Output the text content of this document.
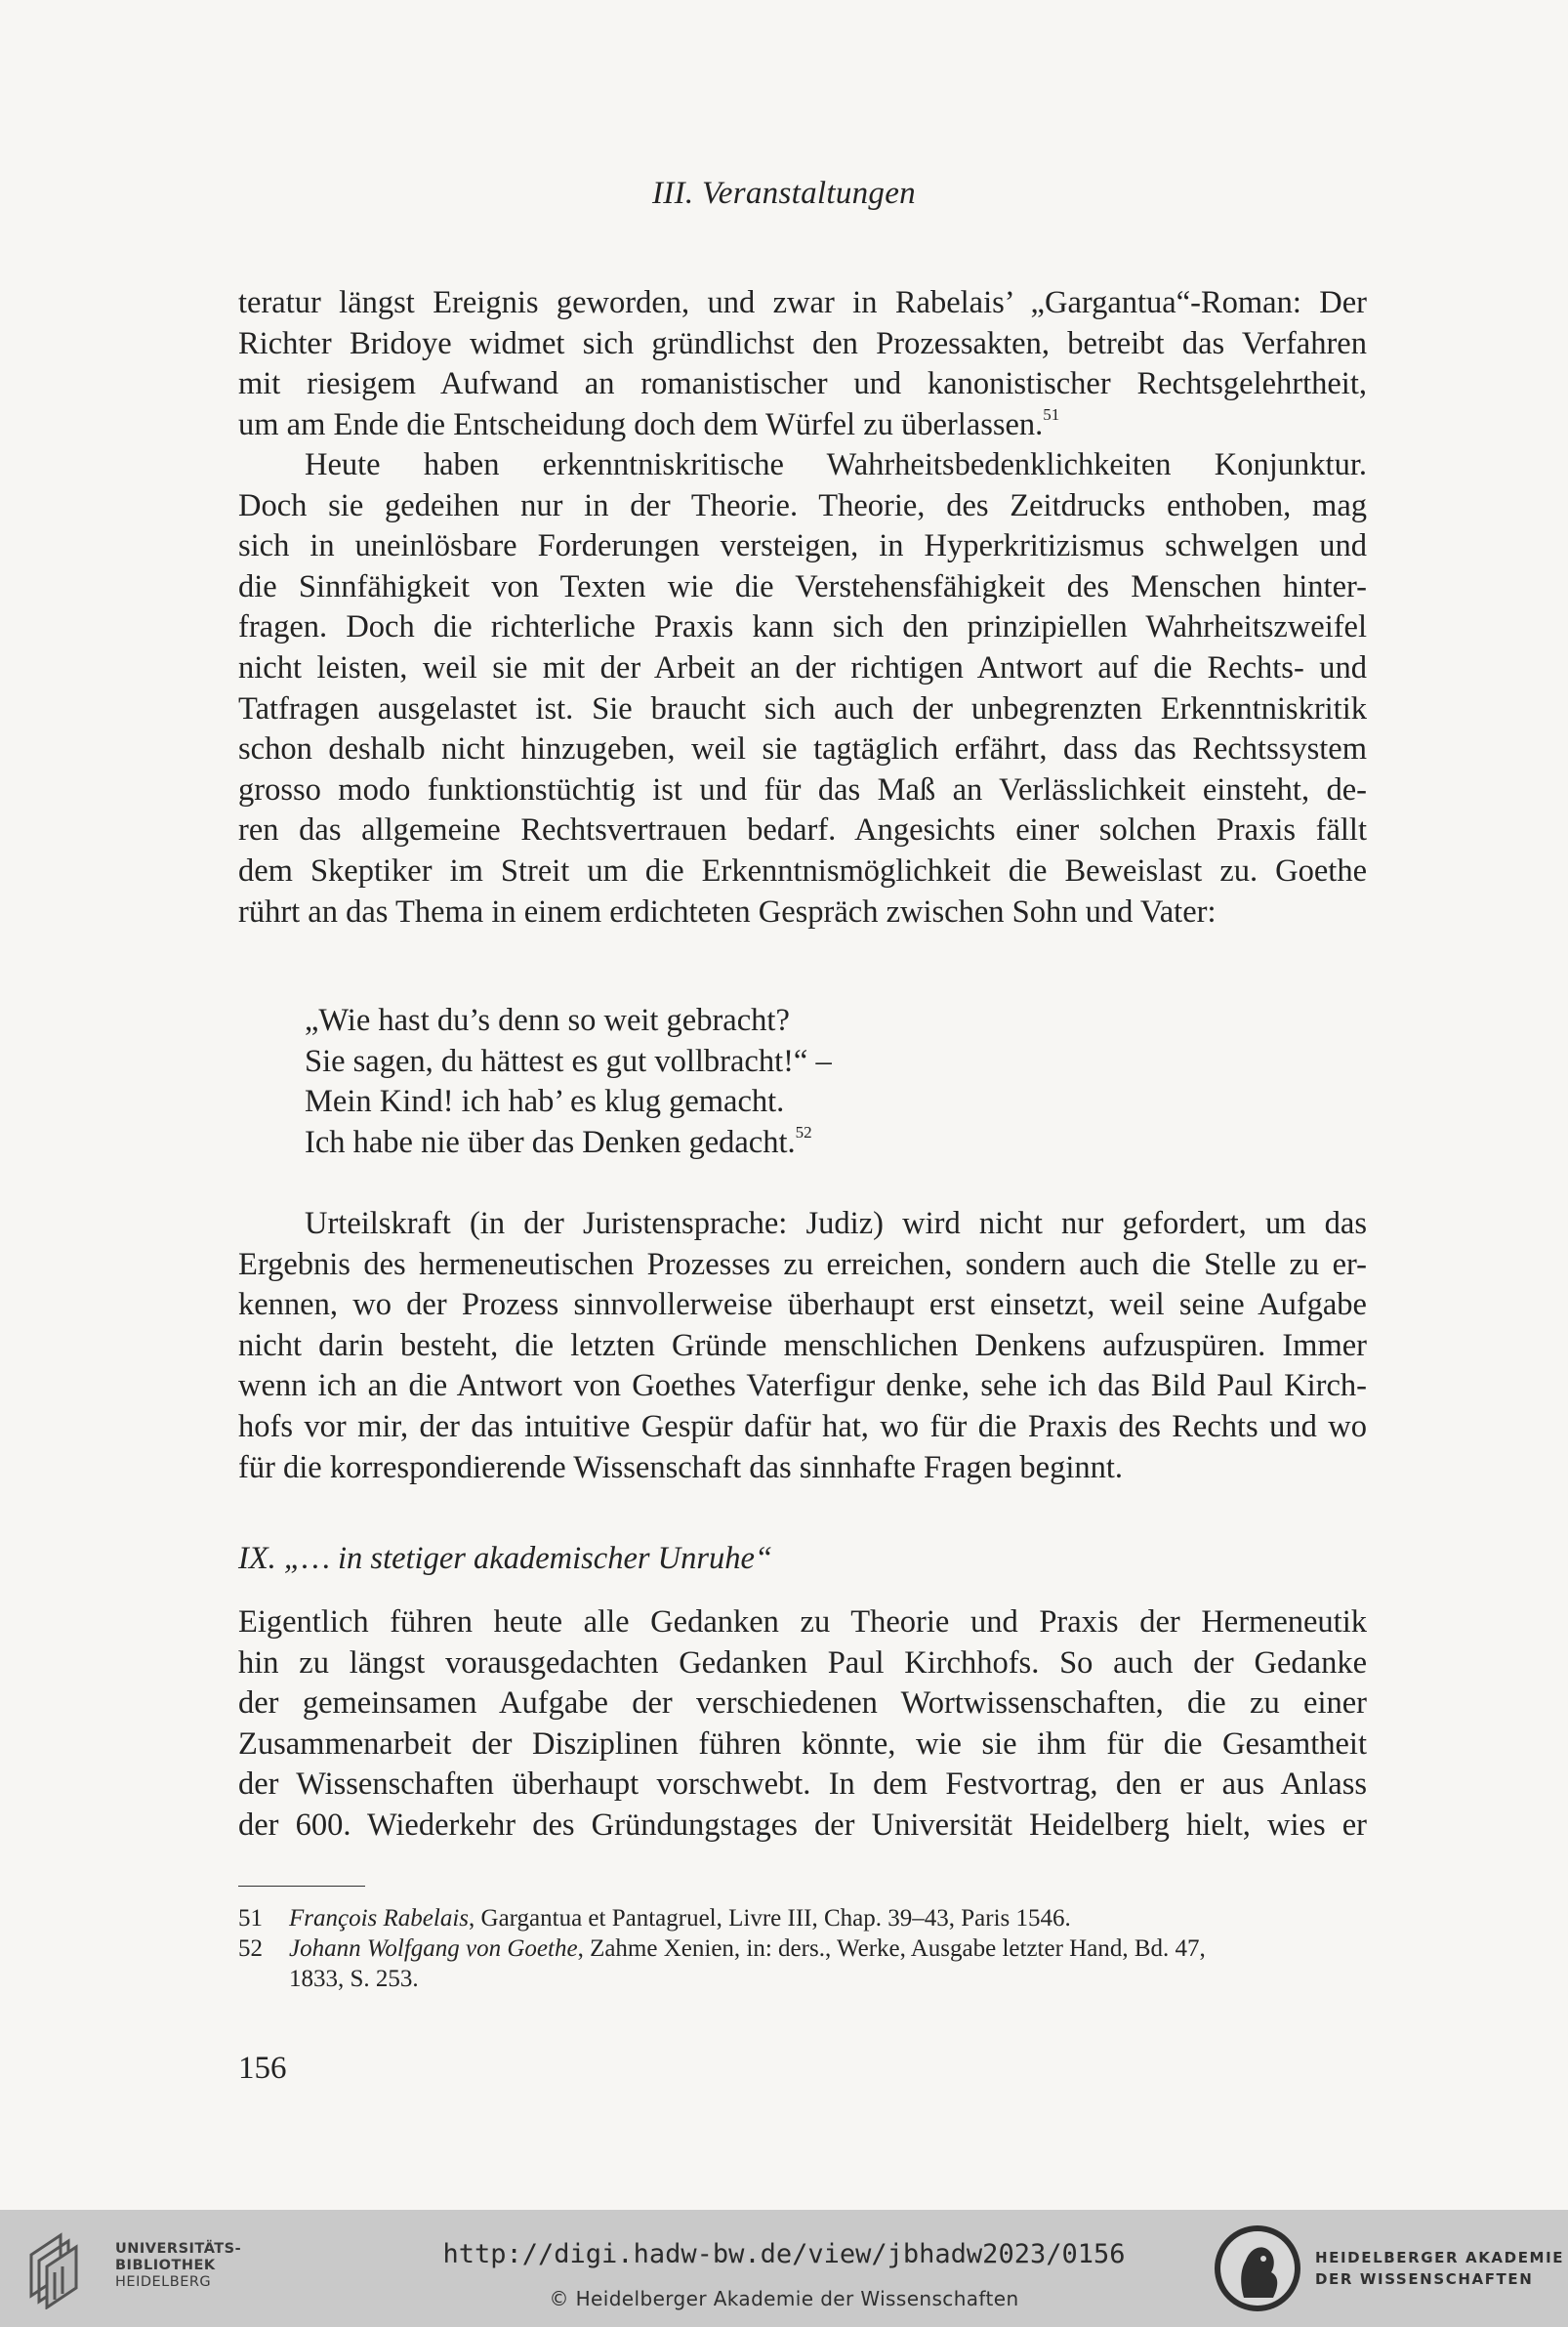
III. Veranstaltungen
teratur längst Ereignis geworden, und zwar in Rabelais’ „Gargantua“-Roman: Der
Richter Bridoye widmet sich gründlichst den Prozessakten, betreibt das Verfahren
mit riesigem Aufwand an romanistischer und kanonistischer Rechtsgelehrtheit,
um am Ende die Entscheidung doch dem Würfel zu überlassen.$^{51}$
Heute haben erkenntniskritische Wahrheitsbedenklichkeiten Konjunktur.
Doch sie gedeihen nur in der Theorie. Theorie, des Zeitdrucks enthoben, mag
sich in uneinlösbare Forderungen versteigen, in Hyperkritizismus schwelgen und
die Sinnfähigkeit von Texten wie die Verstehensfähigkeit des Menschen hinter-
fragen. Doch die richterliche Praxis kann sich den prinzipiellen Wahrheitszweifel
nicht leisten, weil sie mit der Arbeit an der richtigen Antwort auf die Rechts- und
Tatfragen ausgelastet ist. Sie braucht sich auch der unbegrenzten Erkenntniskritik
schon deshalb nicht hinzugeben, weil sie tagtäglich erfährt, dass das Rechtssystem
grosso modo funktionstüchtig ist und für das Maß an Verlässlichkeit einsteht, de-
ren das allgemeine Rechtsvertrauen bedarf. Angesichts einer solchen Praxis fällt
dem Skeptiker im Streit um die Erkenntnismöglichkeit die Beweislast zu. Goethe
rührt an das Thema in einem erdichteten Gespräch zwischen Sohn und Vater:
„Wie hast du’s denn so weit gebracht?
Sie sagen, du hättest es gut vollbracht!“ –
Mein Kind! ich hab’ es klug gemacht.
Ich habe nie über das Denken gedacht.$^{52}$
Urteilskraft (in der Juristensprache: Judiz) wird nicht nur gefordert, um das
Ergebnis des hermeneutischen Prozesses zu erreichen, sondern auch die Stelle zu er-
kennen, wo der Prozess sinnvollerweise überhaupt erst einsetzt, weil seine Aufgabe
nicht darin besteht, die letzten Gründe menschlichen Denkens aufzuspüren. Immer
wenn ich an die Antwort von Goethes Vaterfigur denke, sehe ich das Bild Paul Kirch-
hofs vor mir, der das intuitive Gespür dafür hat, wo für die Praxis des Rechts und wo
für die korrespondierende Wissenschaft das sinnhafte Fragen beginnt.
IX. „… in stetiger akademischer Unruhe“
Eigentlich führen heute alle Gedanken zu Theorie und Praxis der Hermeneutik
hin zu längst vorausgedachten Gedanken Paul Kirchhofs. So auch der Gedanke
der gemeinsamen Aufgabe der verschiedenen Wortwissenschaften, die zu einer
Zusammenarbeit der Disziplinen führen könnte, wie sie ihm für die Gesamtheit
der Wissenschaften überhaupt vorschwebt. In dem Festvortrag, den er aus Anlass
der 600. Wiederkehr des Gründungstages der Universität Heidelberg hielt, wies er
51	François Rabelais, Gargantua et Pantagruel, Livre III, Chap. 39–43, Paris 1546.
52	Johann Wolfgang von Goethe, Zahme Xenien, in: ders., Werke, Ausgabe letzter Hand, Bd. 47,
1833, S. 253.
156
UNIVERSITÄTS-
BIBLIOTHEK
HEIDELBERG
http://digi.hadw-bw.de/view/jbhadw2023/0156
© Heidelberger Akademie der Wissenschaften
HEIDELBERGER AKADEMIE
DER WISSENSCHAFTEN
